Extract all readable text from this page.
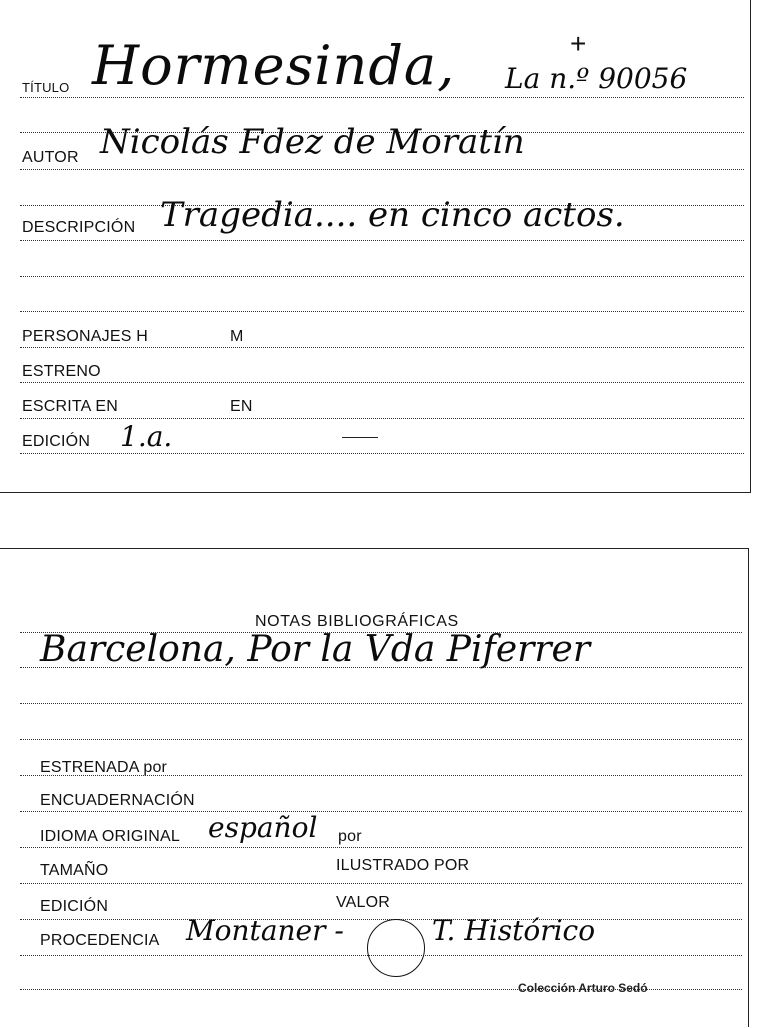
TÍTULO Hormesinda, La n.º 90056
+
AUTOR Nicolás Fdez de Moratín
DESCRIPCIÓN Tragedia.... en cinco actos.
PERSONAJES H	M
ESTRENO
ESCRITA EN	EN
EDICIÓN 1.a.
NOTAS BIBLIOGRÁFICAS
Barcelona, Por la Vda Piferrer
ESTRENADA por
ENCUADERNACIÓN
IDIOMA ORIGINAL español por
TAMAÑO	ILUSTRADO POR
EDICIÓN	VALOR
PROCEDENCIA Montaner -	T. Histórico
Colección Arturo Sedó
